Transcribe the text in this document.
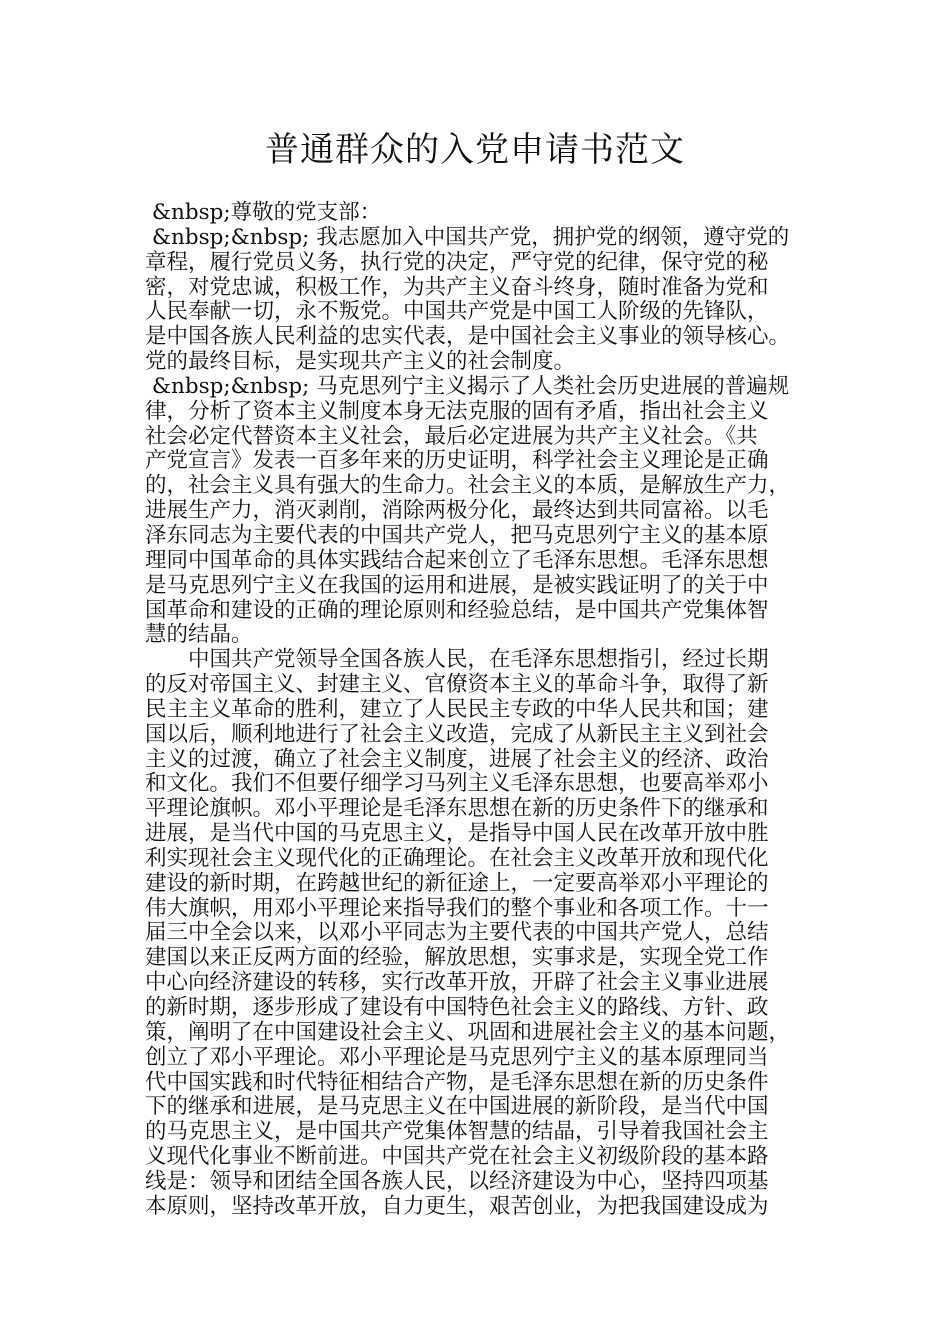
普通群众的入党申请书范文
&nbsp;尊敬的党支部：
&nbsp;&nbsp; 我志愿加入中国共产党，拥护党的纲领，遵守党的
章程，履行党员义务，执行党的决定，严守党的纪律，保守党的秘
密，对党忠诚，积极工作，为共产主义奋斗终身，随时准备为党和
人民奉献一切，永不叛党。中国共产党是中国工人阶级的先锋队，
是中国各族人民利益的忠实代表，是中国社会主义事业的领导核心。
党的最终目标，是实现共产主义的社会制度。
&nbsp;&nbsp; 马克思列宁主义揭示了人类社会历史进展的普遍规
律，分析了资本主义制度本身无法克服的固有矛盾，指出社会主义
社会必定代替资本主义社会，最后必定进展为共产主义社会。《共
产党宣言》发表一百多年来的历史证明，科学社会主义理论是正确
的，社会主义具有强大的生命力。社会主义的本质，是解放生产力，
进展生产力，消灭剥削，消除两极分化，最终达到共同富裕。以毛
泽东同志为主要代表的中国共产党人，把马克思列宁主义的基本原
理同中国革命的具体实践结合起来创立了毛泽东思想。毛泽东思想
是马克思列宁主义在我国的运用和进展，是被实践证明了的关于中
国革命和建设的正确的理论原则和经验总结，是中国共产党集体智
慧的结晶。
　　中国共产党领导全国各族人民，在毛泽东思想指引，经过长期
的反对帝国主义、封建主义、官僚资本主义的革命斗争，取得了新
民主主义革命的胜利，建立了人民民主专政的中华人民共和国；建
国以后，顺利地进行了社会主义改造，完成了从新民主主义到社会
主义的过渡，确立了社会主义制度，进展了社会主义的经济、政治
和文化。我们不但要仔细学习马列主义毛泽东思想，也要高举邓小
平理论旗帜。邓小平理论是毛泽东思想在新的历史条件下的继承和
进展，是当代中国的马克思主义，是指导中国人民在改革开放中胜
利实现社会主义现代化的正确理论。在社会主义改革开放和现代化
建设的新时期，在跨越世纪的新征途上，一定要高举邓小平理论的
伟大旗帜，用邓小平理论来指导我们的整个事业和各项工作。十一
届三中全会以来，以邓小平同志为主要代表的中国共产党人，总结
建国以来正反两方面的经验，解放思想，实事求是，实现全党工作
中心向经济建设的转移，实行改革开放，开辟了社会主义事业进展
的新时期，逐步形成了建设有中国特色社会主义的路线、方针、政
策，阐明了在中国建设社会主义、巩固和进展社会主义的基本问题，
创立了邓小平理论。邓小平理论是马克思列宁主义的基本原理同当
代中国实践和时代特征相结合产物，是毛泽东思想在新的历史条件
下的继承和进展，是马克思主义在中国进展的新阶段，是当代中国
的马克思主义，是中国共产党集体智慧的结晶，引导着我国社会主
义现代化事业不断前进。中国共产党在社会主义初级阶段的基本路
线是：领导和团结全国各族人民，以经济建设为中心，坚持四项基
本原则，坚持改革开放，自力更生，艰苦创业，为把我国建设成为
